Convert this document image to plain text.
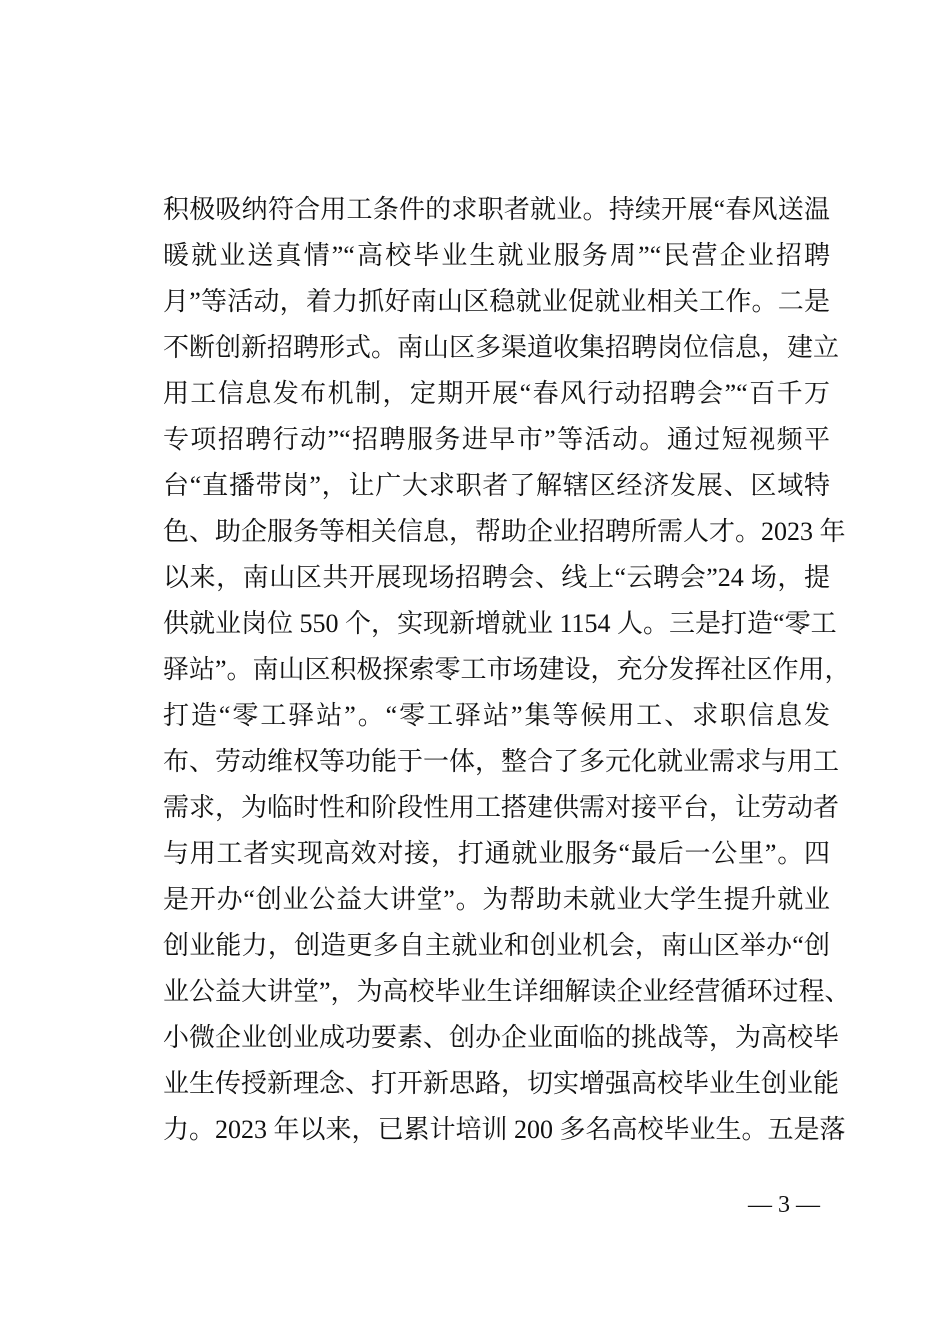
积极吸纳符合用工条件的求职者就业。持续开展“春风送温
暖就业送真情”“高校毕业生就业服务周”“民营企业招聘
月”等活动，着力抓好南山区稳就业促就业相关工作。二是
不断创新招聘形式。南山区多渠道收集招聘岗位信息，建立
用工信息发布机制，定期开展“春风行动招聘会”“百千万
专项招聘行动”“招聘服务进早市”等活动。通过短视频平
台“直播带岗”，让广大求职者了解辖区经济发展、区域特
色、助企服务等相关信息，帮助企业招聘所需人才。2023 年
以来，南山区共开展现场招聘会、线上“云聘会”24 场，提
供就业岗位 550 个，实现新增就业 1154 人。三是打造“零工
驿站”。南山区积极探索零工市场建设，充分发挥社区作用，
打造“零工驿站”。“零工驿站”集等候用工、求职信息发
布、劳动维权等功能于一体，整合了多元化就业需求与用工
需求，为临时性和阶段性用工搭建供需对接平台，让劳动者
与用工者实现高效对接，打通就业服务“最后一公里”。四
是开办“创业公益大讲堂”。为帮助未就业大学生提升就业
创业能力，创造更多自主就业和创业机会，南山区举办“创
业公益大讲堂”，为高校毕业生详细解读企业经营循环过程、
小微企业创业成功要素、创办企业面临的挑战等，为高校毕
业生传授新理念、打开新思路，切实增强高校毕业生创业能
力。2023 年以来，已累计培训 200 多名高校毕业生。五是落
— 3 —
